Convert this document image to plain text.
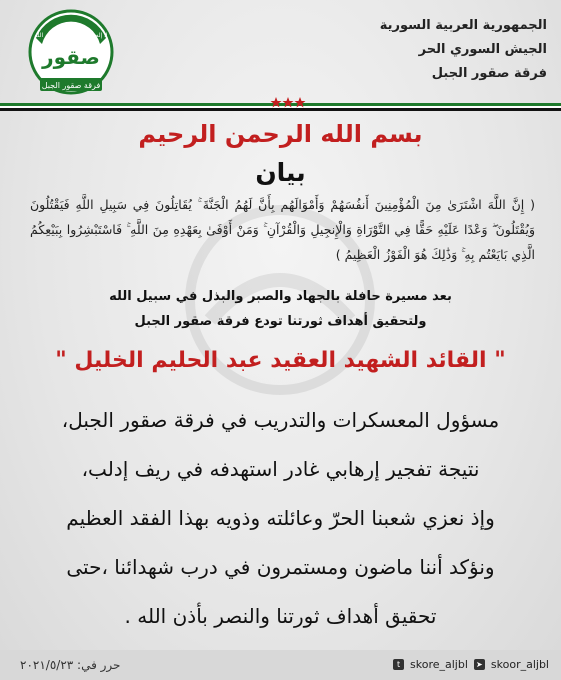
لا إله إلا الله محمد رسول الله
صقور
فرقة صقور الجبل
الجمهورية العربية السورية
الجيش السوري الحر
فرقة صقور الجبل
بسم الله الرحمن الرحيم
بيان
( إِنَّ اللَّهَ اشْتَرَىٰ مِنَ الْمُؤْمِنِينَ أَنفُسَهُمْ وَأَمْوَالَهُم بِأَنَّ لَهُمُ الْجَنَّةَ ۚ يُقَاتِلُونَ فِي سَبِيلِ اللَّهِ فَيَقْتُلُونَ وَيُقْتَلُونَ ۖ وَعْدًا عَلَيْهِ حَقًّا فِي التَّوْرَاةِ وَالْإِنجِيلِ وَالْقُرْآنِ ۚ وَمَنْ أَوْفَىٰ بِعَهْدِهِ مِنَ اللَّهِ ۚ فَاسْتَبْشِرُوا بِبَيْعِكُمُ الَّذِي بَايَعْتُم بِهِ ۚ وَذَٰلِكَ هُوَ الْفَوْزُ الْعَظِيمُ )
بعد مسيرة حافلة بالجهاد والصبر والبذل في سبيل الله
ولتحقيق أهداف ثورتنا تودع فرقة صقور الجبل
" القائد الشهيد العقيد عبد الحليم الخليل "
مسؤول المعسكرات والتدريب في فرقة صقور الجبل،
نتيجة تفجير إرهابي غادر استهدفه في ريف إدلب،
وإذ نعزي شعبنا الحرّ وعائلته وذويه بهذا الفقد العظيم
ونؤكد أننا ماضون ومستمرون في درب شهدائنا ،حتى
تحقيق أهداف ثورتنا والنصر بأذن الله .
حرر في: ٢٠٢١/٥/٢٣	t skore_aljbl ➤ skoor_aljbl
